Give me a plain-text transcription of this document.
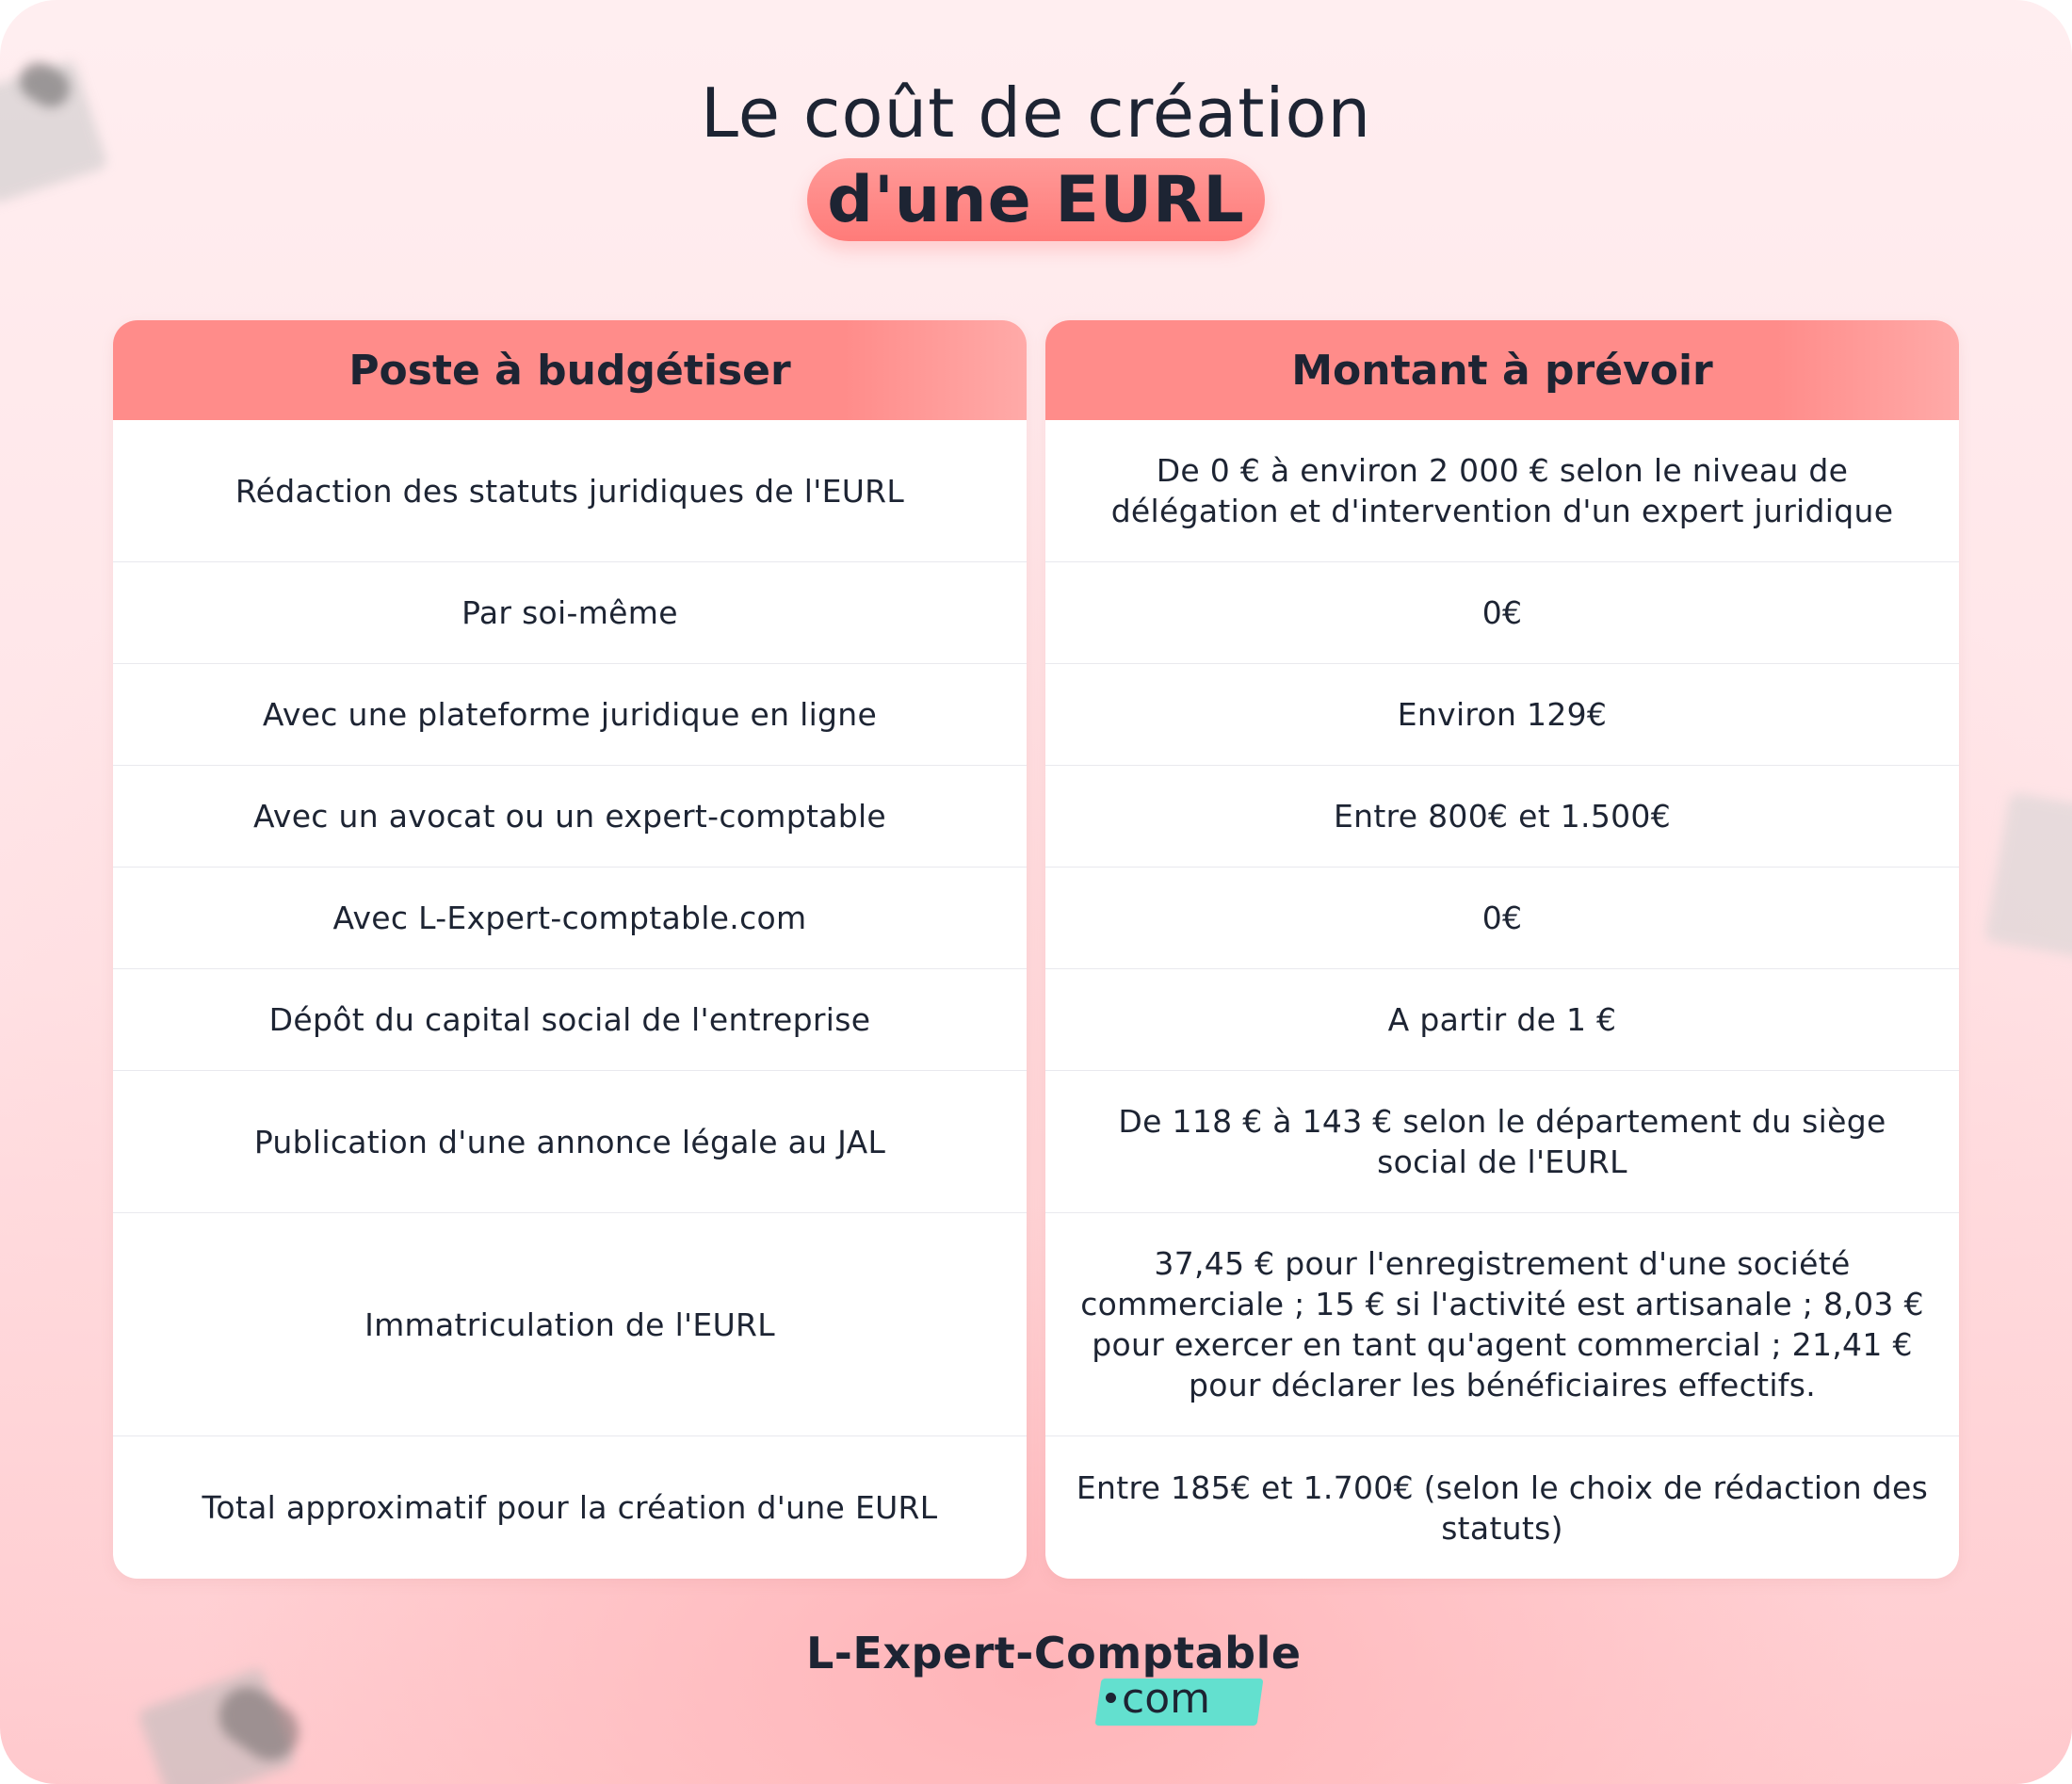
Le coût de création
d'une EURL
Poste à budgétiser
Rédaction des statuts juridiques de l'EURL
Par soi-même
Avec une plateforme juridique en ligne
Avec un avocat ou un expert-comptable
Avec L-Expert-comptable.com
Dépôt du capital social de l'entreprise
Publication d'une annonce légale au JAL
Immatriculation de l'EURL
Total approximatif pour la création d'une EURL
Montant à prévoir
De 0 € à environ 2 000 € selon le niveau de délégation et d'intervention d'un expert juridique
0€
Environ 129€
Entre 800€ et 1.500€
0€
A partir de 1 €
De 118 € à 143 € selon le département du siège social de l'EURL
37,45 € pour l'enregistrement d'une société commerciale ; 15 € si l'activité est artisanale ; 8,03 € pour exercer en tant qu'agent commercial ; 21,41 € pour déclarer les bénéficiaires effectifs.
Entre 185€ et 1.700€ (selon le choix de rédaction des statuts)
L-Expert-Comptable
com
